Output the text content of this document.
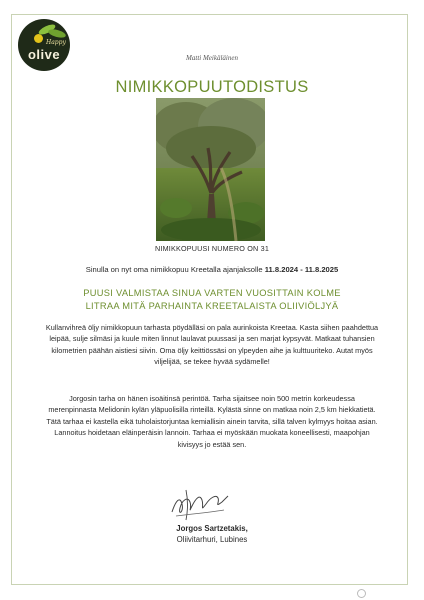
Happy
olive	Matti Meikäläinen
NIMIKKOPUUTODISTUS
NIMIKKOPUUSI NUMERO ON 31
Sinulla on nyt oma nimikkopuu Kreetalla ajanjaksolle 11.8.2024 - 11.8.2025
PUUSI VALMISTAA SINUA VARTEN VUOSITTAIN KOLME LITRAA MITÄ PARHAINTA KREETALAISTA OLIIVIÖLJYÄ
Kullanvihreä öljy nimikkopuun tarhasta pöydälläsi on pala aurinkoista Kreetaa. Kasta siihen paahdettua leipää, sulje silmäsi ja kuule miten linnut laulavat puussasi ja sen marjat kypsyvät. Matkaat tuhansien kilometrien päähän aistiesi siivin. Oma öljy keittiössäsi on ylpeyden aihe ja kulttuuriteko. Autat myös viljelijää, se tekee hyvää sydämelle!
Jorgosin tarha on hänen isoäitinsä perintöä. Tarha sijaitsee noin 500 metrin korkeudessa merenpinnasta Melidonin kylän yläpuolisilla rinteillä. Kylästä sinne on matkaa noin 2,5 km hiekkatietä. Tätä tarhaa ei kastella eikä tuholaistorjuntaa kemiallisin ainein tarvita, sillä talven kylmyys hoitaa asian. Lannoitus hoidetaan eläinperäisin lannoin. Tarhaa ei myöskään muokata koneellisesti, maapohjan kivisyys jo estää sen.
Jorgos Sartzetakis,
Oliivitarhuri, Lubines
